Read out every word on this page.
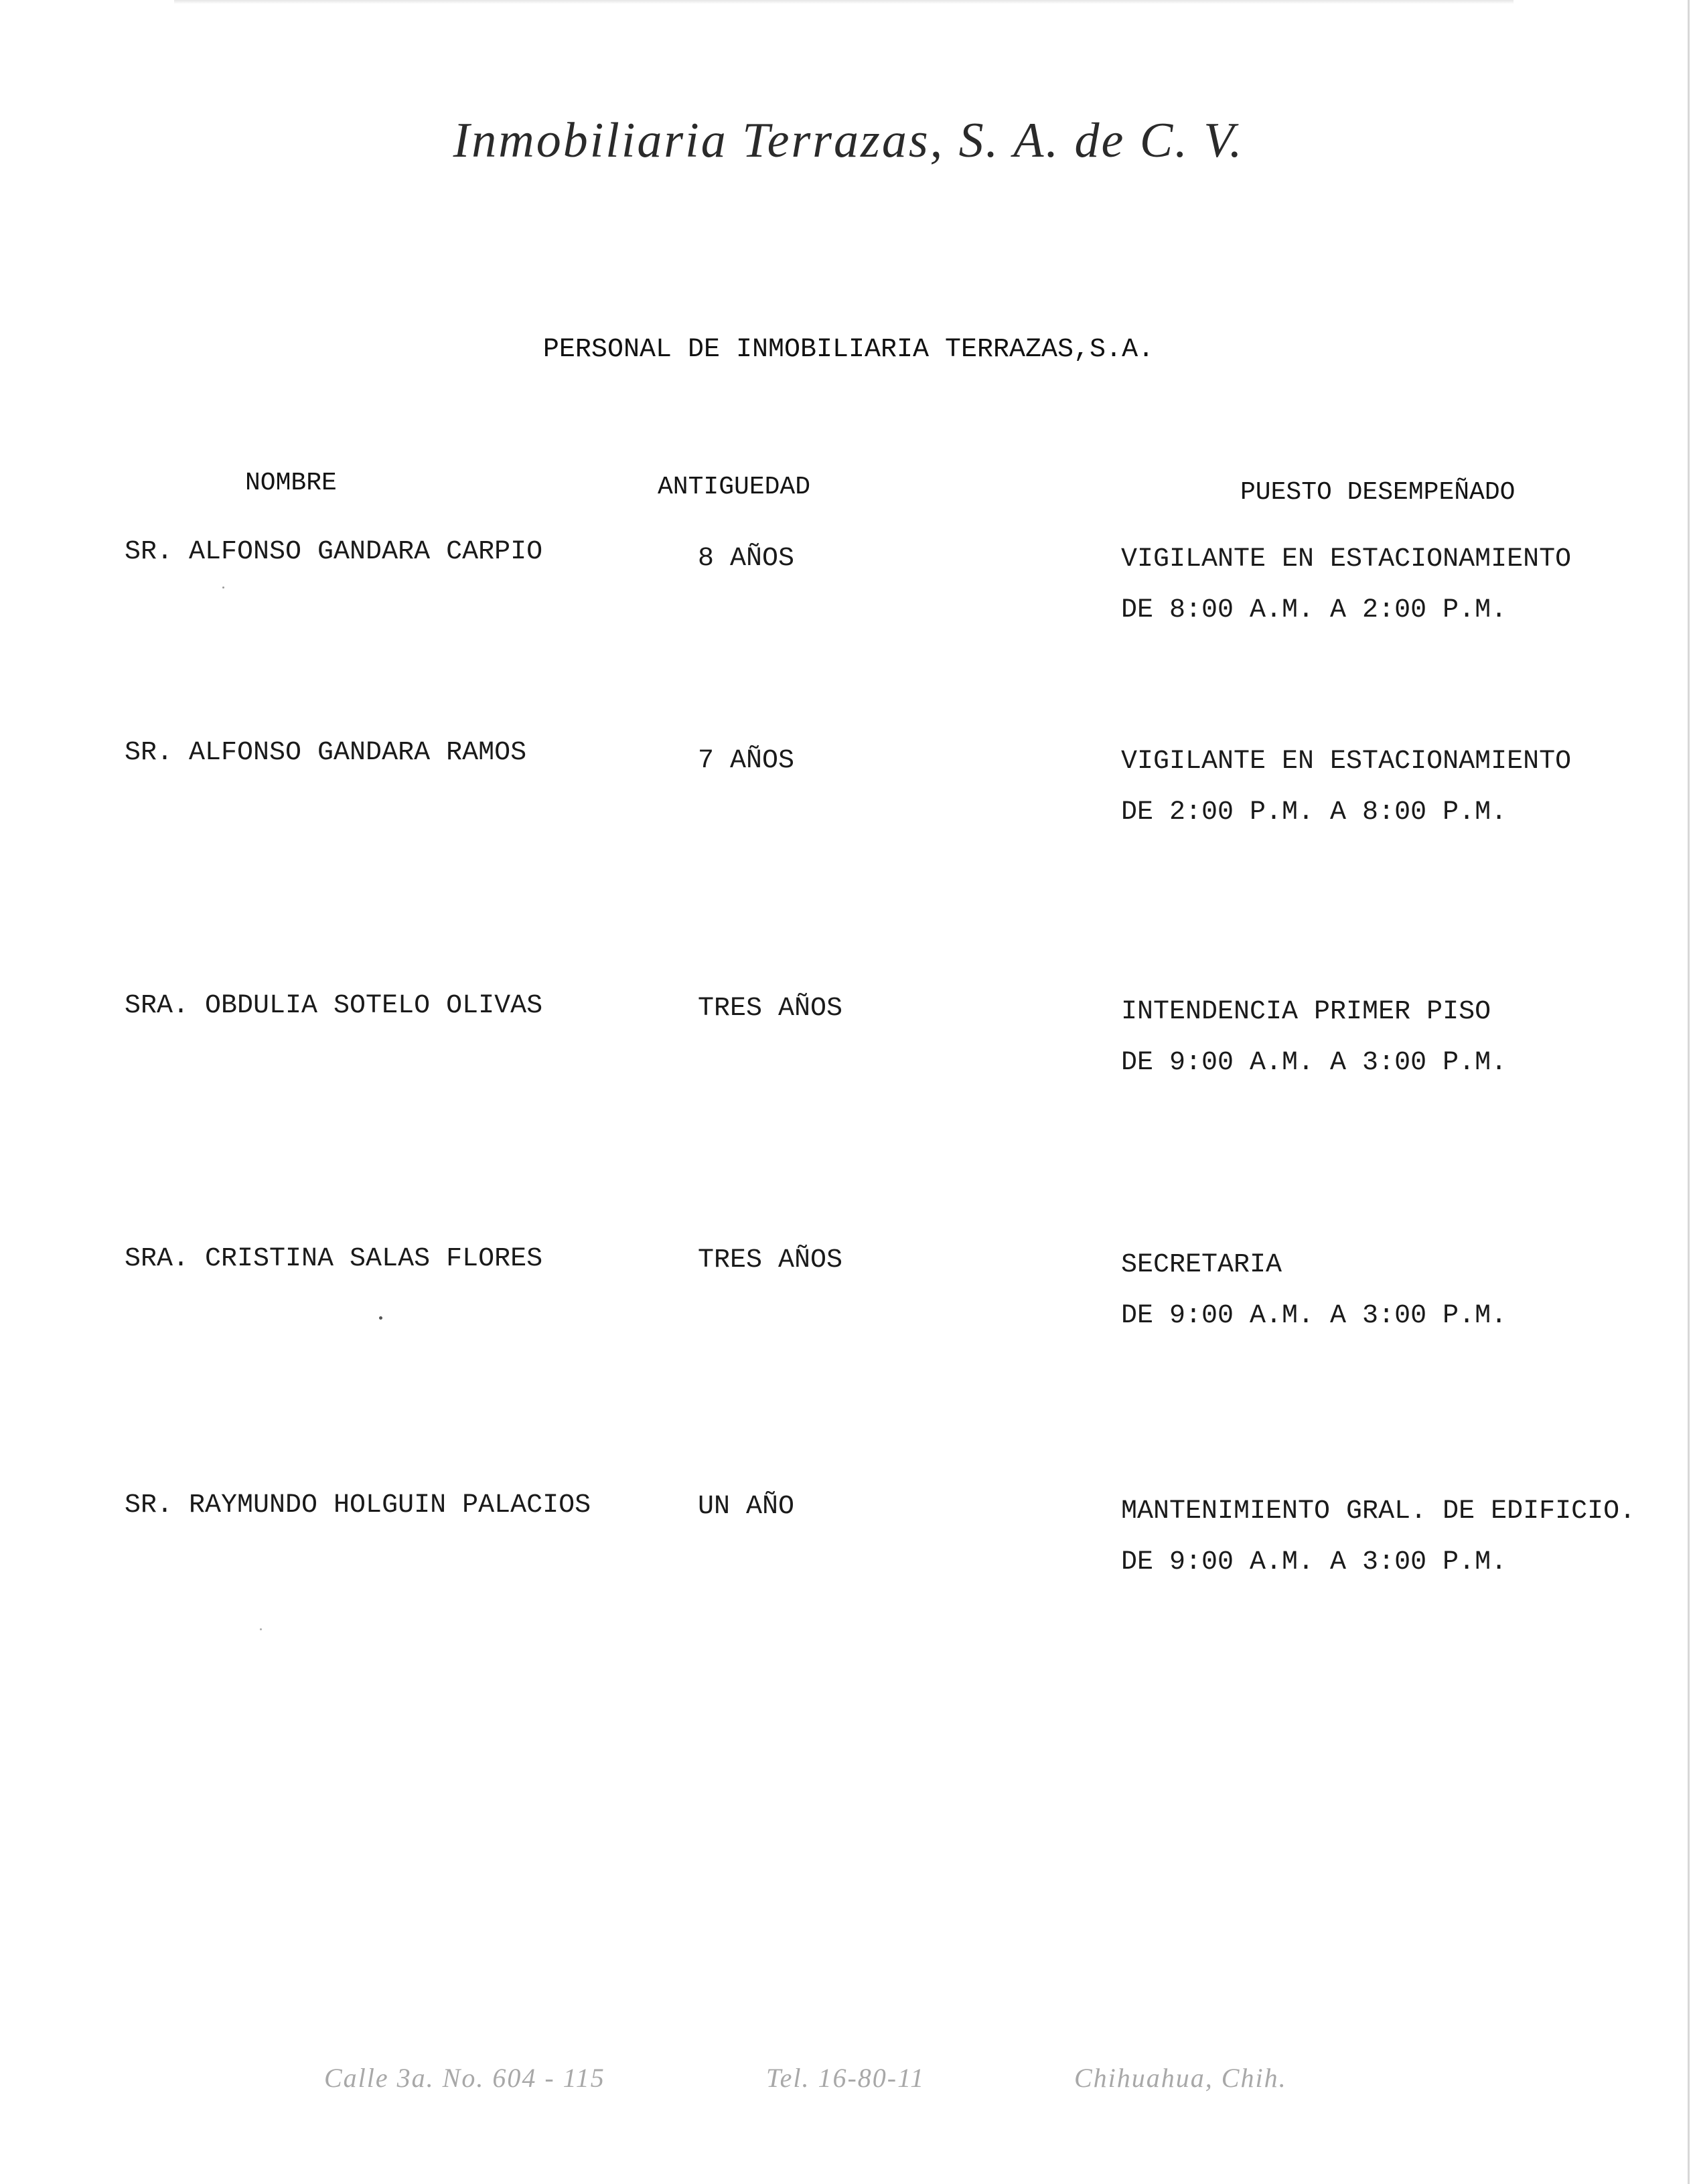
Inmobiliaria Terrazas, S. A. de C. V.
PERSONAL DE INMOBILIARIA TERRAZAS,S.A.
NOMBRE	ANTIGUEDAD	PUESTO DESEMPEÑADO
SR. ALFONSO GANDARA CARPIO	8 AÑOS	VIGILANTE EN ESTACIONAMIENTO
DE 8:00 A.M. A 2:00 P.M.
SR. ALFONSO GANDARA RAMOS	7 AÑOS	VIGILANTE EN ESTACIONAMIENTO
DE 2:00 P.M. A 8:00 P.M.
SRA. OBDULIA SOTELO OLIVAS	TRES AÑOS	INTENDENCIA PRIMER PISO
DE 9:00 A.M. A 3:00 P.M.
SRA. CRISTINA SALAS FLORES	TRES AÑOS	SECRETARIA
DE 9:00 A.M. A 3:00 P.M.
SR. RAYMUNDO HOLGUIN PALACIOS	UN AÑO	MANTENIMIENTO GRAL. DE EDIFICIO.
DE 9:00 A.M. A 3:00 P.M.
Calle 3a. No. 604 - 115	Tel. 16-80-11	Chihuahua, Chih.
